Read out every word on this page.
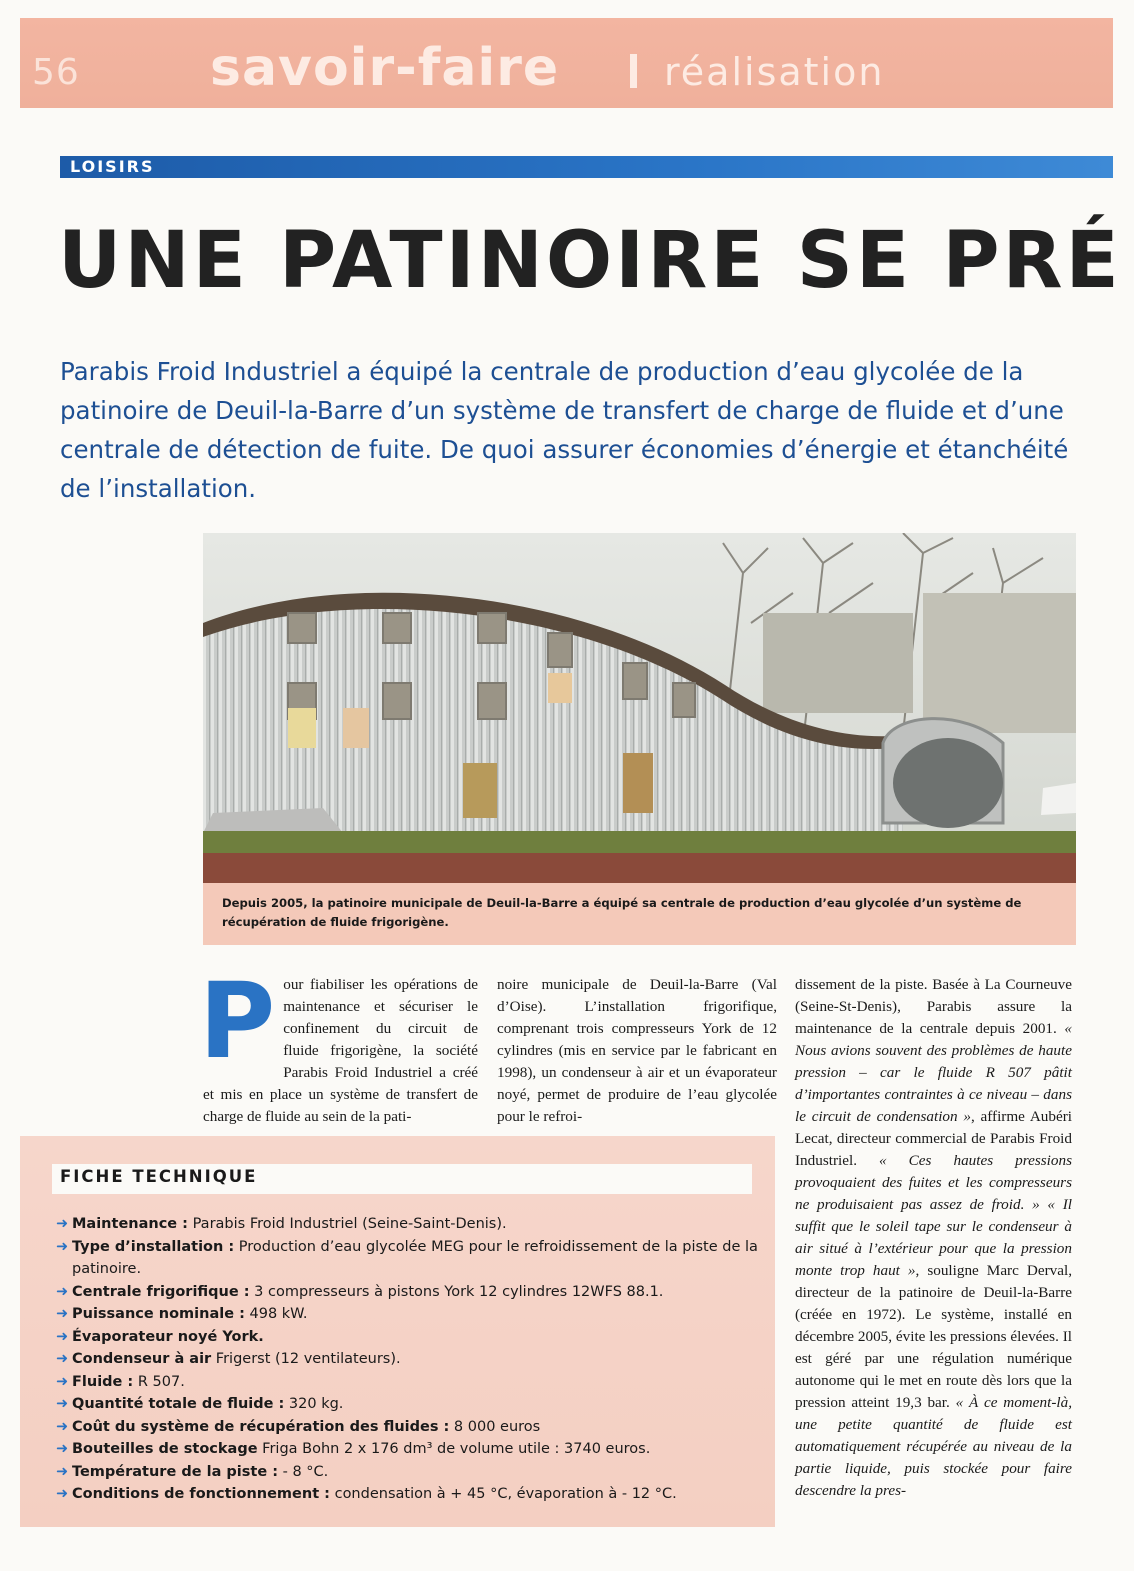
56	savoir-faire	réalisation
LOISIRS
UNE PATINOIRE SE PRÉ

Parabis Froid Industriel a équipé la centrale de production d’eau glycolée de la patinoire de Deuil-la-Barre d’un système de transfert de charge de fluide et d’une centrale de détection de fuite. De quoi assurer économies d’énergie et étanchéité de l’installation.

Depuis 2005, la patinoire municipale de Deuil-la-Barre a équipé sa centrale de production d’eau glycolée d’un système de récupération de fluide frigorigène.

P our fiabiliser les opérations de maintenance et sécuriser le confinement du circuit de fluide frigorigène, la société Parabis Froid Industriel a créé et mis en place un système de transfert de charge de fluide au sein de la pati-
noire municipale de Deuil-la-Barre (Val d’Oise). L’installation frigorifique, comprenant trois compresseurs York de 12 cylindres (mis en service par le fabricant en 1998), un condenseur à air et un évaporateur noyé, permet de produire de l’eau glycolée pour le refroi-
dissement de la piste. Basée à La Courneuve (Seine-St-Denis), Parabis assure la maintenance de la centrale depuis 2001. « Nous avions souvent des problèmes de haute pression – car le fluide R 507 pâtit d’importantes contraintes à ce niveau – dans le circuit de condensation », affirme Aubéri Lecat, directeur commercial de Parabis Froid Industriel. « Ces hautes pressions provoquaient des fuites et les compresseurs ne produisaient pas assez de froid. » « Il suffit que le soleil tape sur le condenseur à air situé à l’extérieur pour que la pression monte trop haut », souligne Marc Derval, directeur de la patinoire de Deuil-la-Barre (créée en 1972). Le système, installé en décembre 2005, évite les pressions élevées. Il est géré par une régulation numérique autonome qui le met en route dès lors que la pression atteint 19,3 bar. « À ce moment-là, une petite quantité de fluide est automatiquement récupérée au niveau de la partie liquide, puis stockée pour faire descendre la pres-
FICHE TECHNIQUE
➜ Maintenance : Parabis Froid Industriel (Seine-Saint-Denis).
➜ Type d’installation : Production d’eau glycolée MEG pour le refroidissement de la piste de la patinoire.
➜ Centrale frigorifique : 3 compresseurs à pistons York 12 cylindres 12WFS 88.1.
➜ Puissance nominale : 498 kW.
➜ Évaporateur noyé York.
➜ Condenseur à air Frigerst (12 ventilateurs).
➜ Fluide : R 507.
➜ Quantité totale de fluide : 320 kg.
➜ Coût du système de récupération des fluides : 8 000 euros
➜ Bouteilles de stockage Friga Bohn 2 x 176 dm³ de volume utile : 3740 euros.
➜ Température de la piste : - 8 °C.
➜ Conditions de fonctionnement : condensation à + 45 °C, évaporation à - 12 °C.
